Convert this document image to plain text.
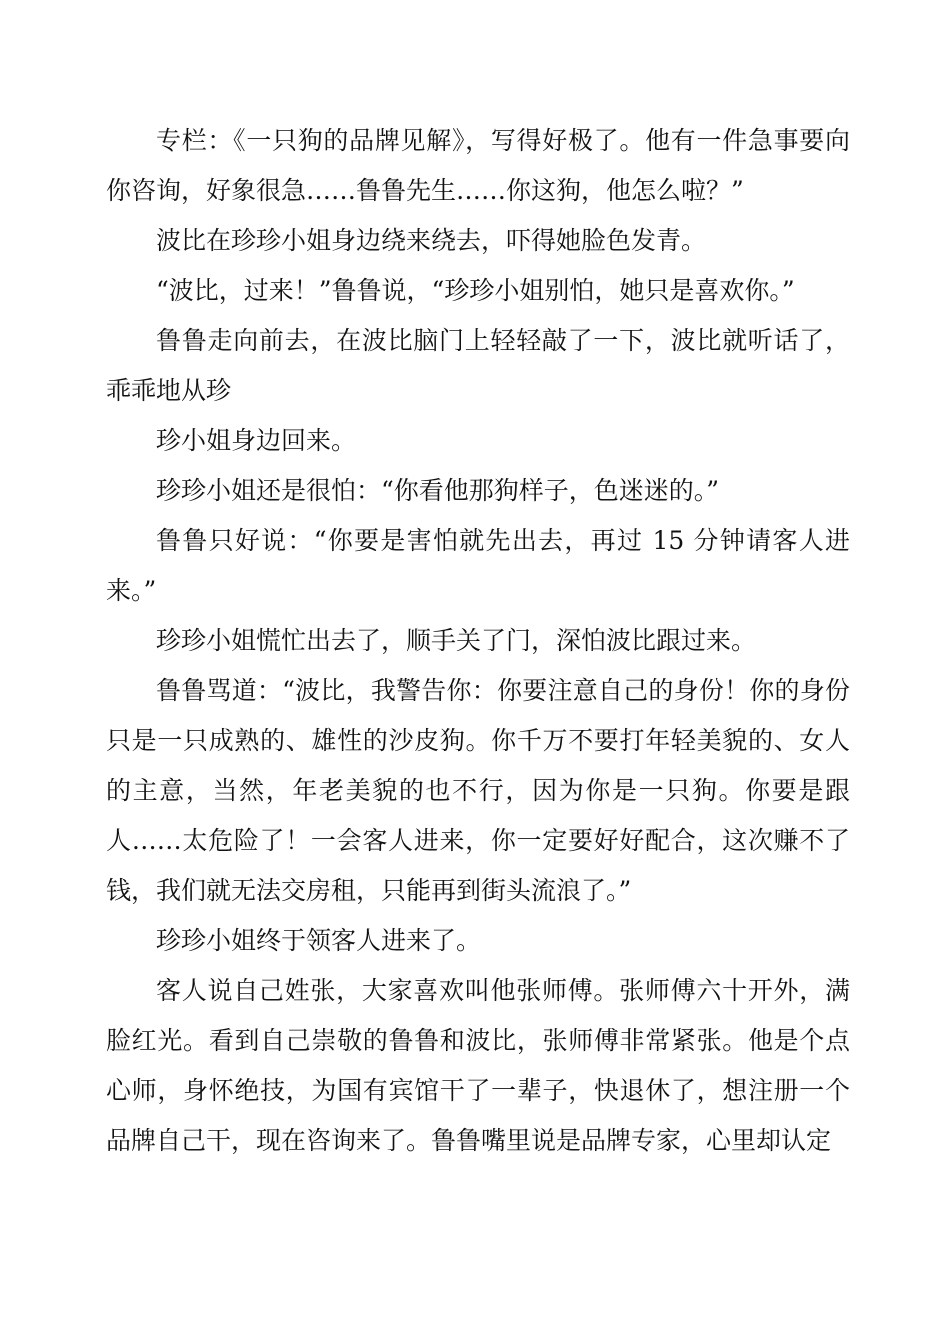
专栏：《一只狗的品牌见解》，写得好极了。他有一件急事要向你咨询，好象很急……鲁鲁先生……你这狗，他怎么啦？”

波比在珍珍小姐身边绕来绕去，吓得她脸色发青。

“波比，过来！”鲁鲁说，“珍珍小姐别怕，她只是喜欢你。”

鲁鲁走向前去，在波比脑门上轻轻敲了一下，波比就听话了，乖乖地从珍

珍小姐身边回来。

珍珍小姐还是很怕：“你看他那狗样子，色迷迷的。”

鲁鲁只好说：“你要是害怕就先出去，再过 15 分钟请客人进来。”

珍珍小姐慌忙出去了，顺手关了门，深怕波比跟过来。

鲁鲁骂道：“波比，我警告你：你要注意自己的身份！你的身份只是一只成熟的、雄性的沙皮狗。你千万不要打年轻美貌的、女人的主意，当然，年老美貌的也不行，因为你是一只狗。你要是跟人……太危险了！一会客人进来，你一定要好好配合，这次赚不了钱，我们就无法交房租，只能再到街头流浪了。”

珍珍小姐终于领客人进来了。

客人说自己姓张，大家喜欢叫他张师傅。张师傅六十开外，满脸红光。看到自己崇敬的鲁鲁和波比，张师傅非常紧张。他是个点心师，身怀绝技，为国有宾馆干了一辈子，快退休了，想注册一个品牌自己干，现在咨询来了。鲁鲁嘴里说是品牌专家，心里却认定
